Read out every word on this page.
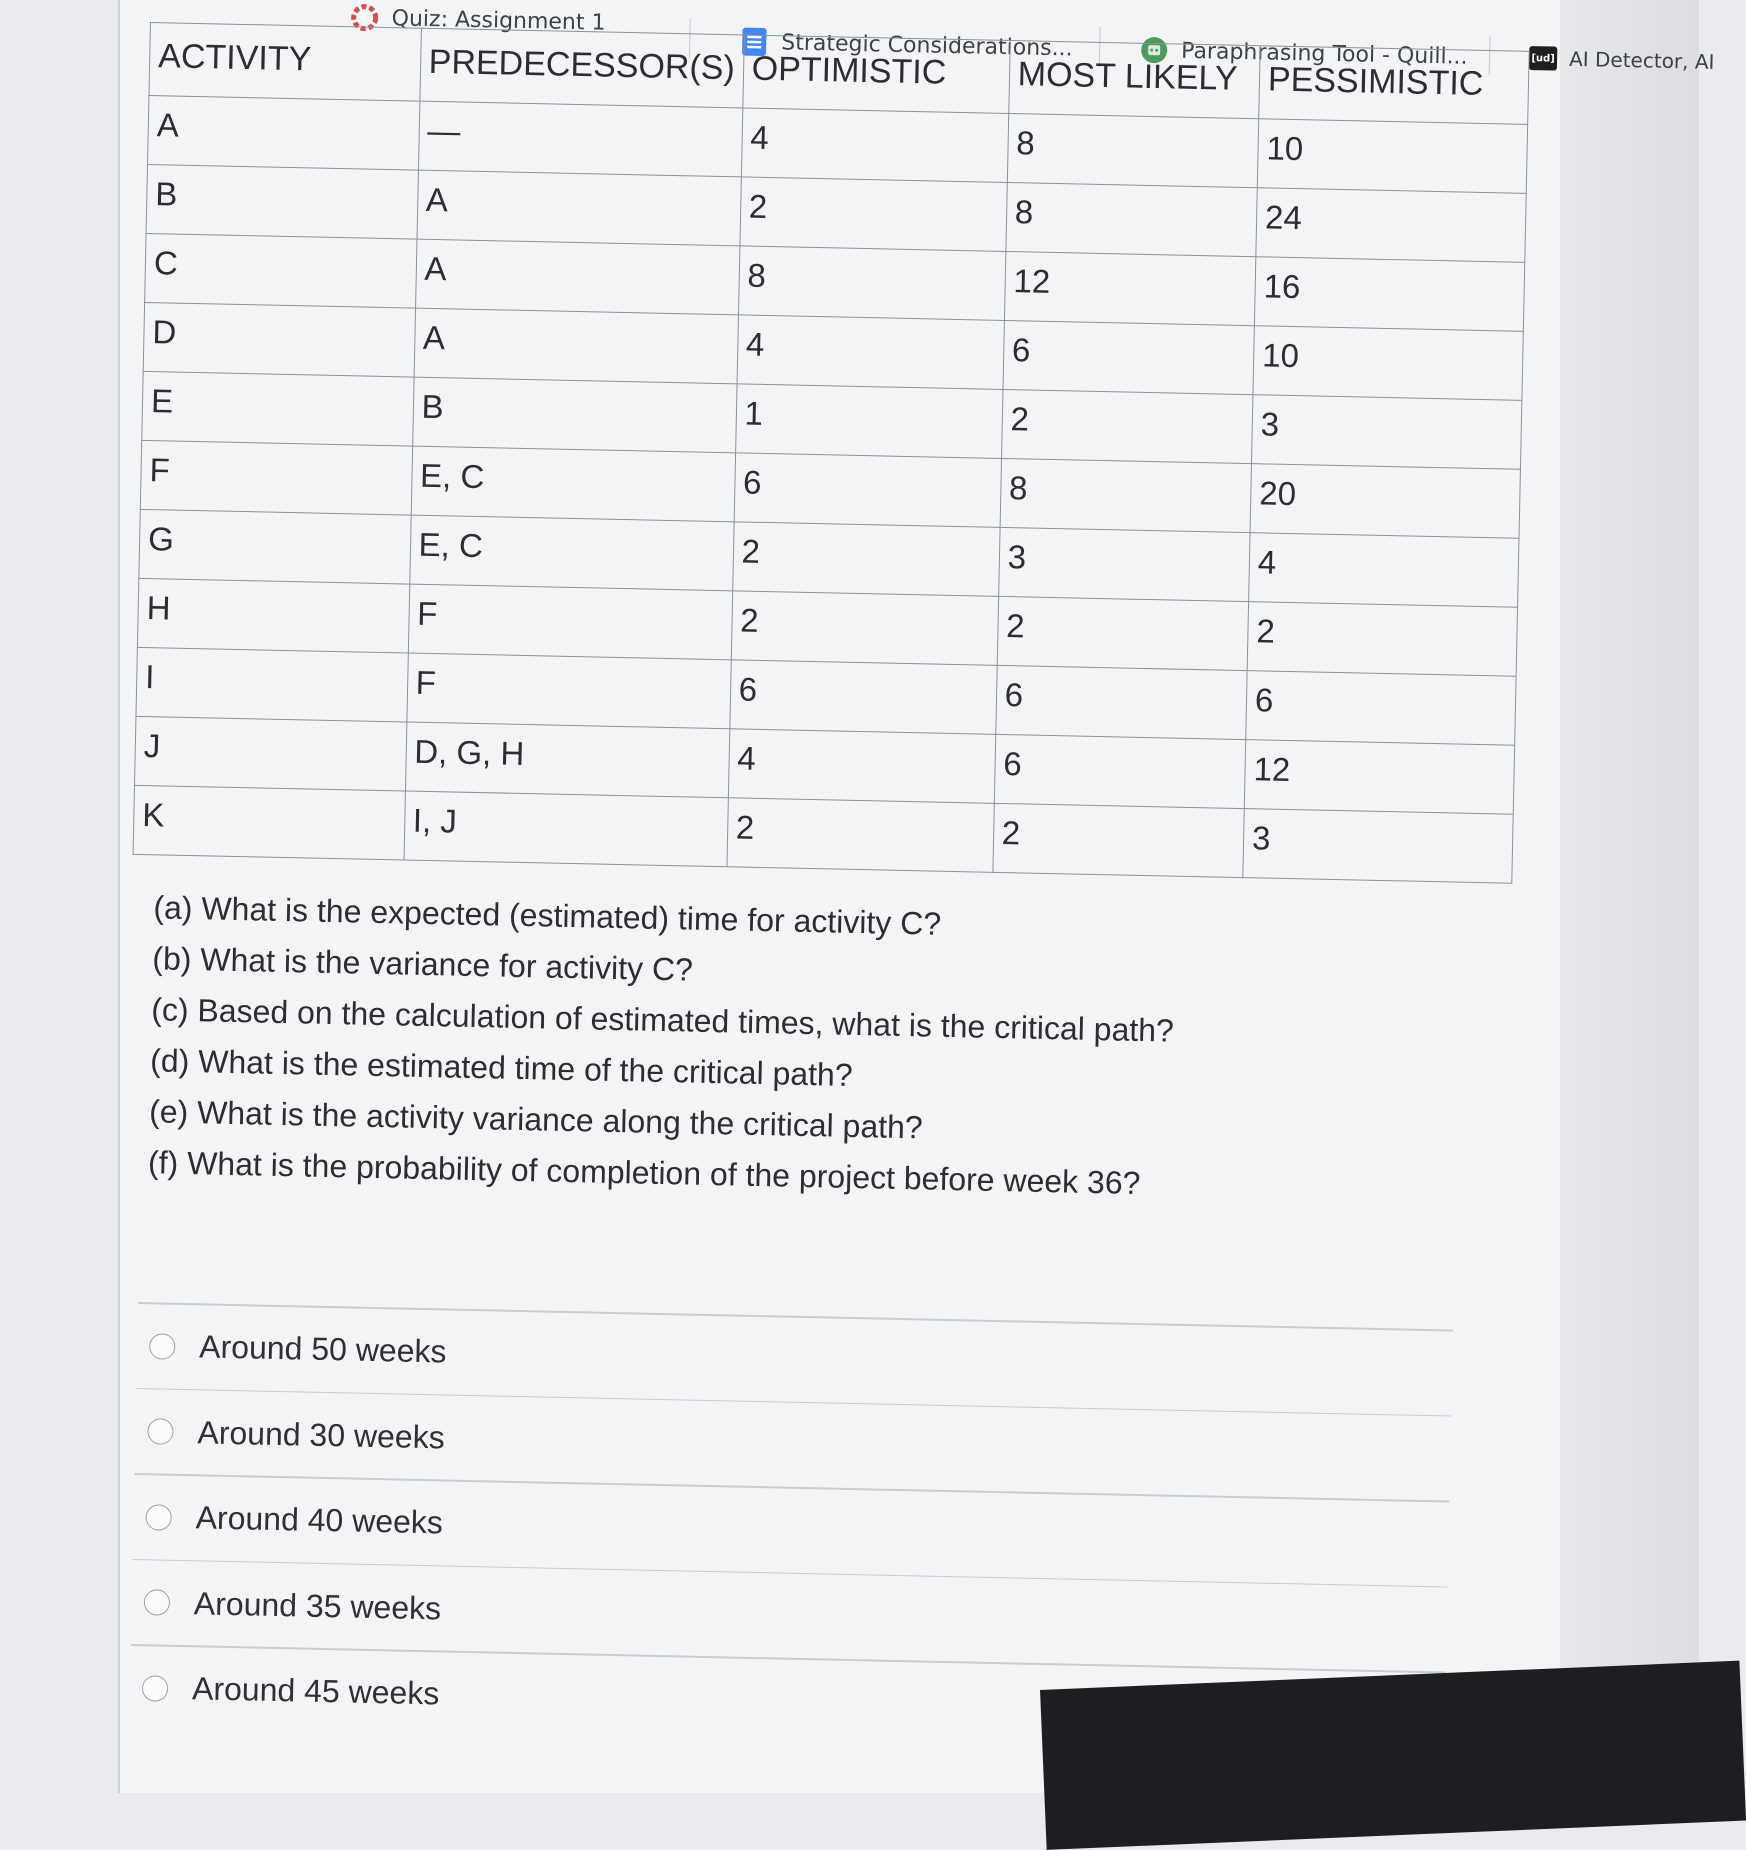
Quiz: Assignment 1
Strategic Considerations...	Paraphrasing Tool - Quill...	[ud] AI Detector, AI
ACTIVITY	PREDECESSOR(S)	OPTIMISTIC	MOST LIKELY	PESSIMISTIC
A	—	4	8	10
B	A	2	8	24
C	A	8	12	16
D	A	4	6	10
E	B	1	2	3
F	E, C	6	8	20
G	E, C	2	3	4
H	F	2	2	2
I	F	6	6	6
J	D, G, H	4	6	12
K	I, J	2	2	3
(a) What is the expected (estimated) time for activity C?
(b) What is the variance for activity C?
(c) Based on the calculation of estimated times, what is the critical path?
(d) What is the estimated time of the critical path?
(e) What is the activity variance along the critical path?
(f) What is the probability of completion of the project before week 36?
Around 50 weeks
Around 30 weeks
Around 40 weeks
Around 35 weeks
Around 45 weeks
